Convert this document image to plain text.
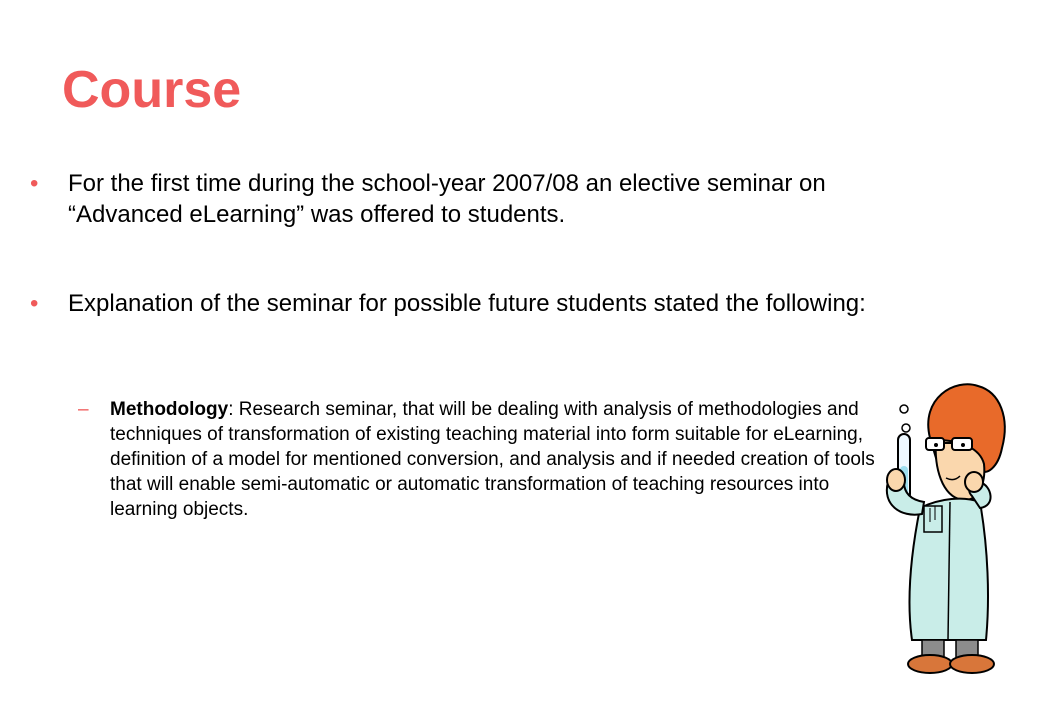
Course
• For the first time during the school-year 2007/08 an elective seminar on “Advanced eLearning” was offered to students.
• Explanation of the seminar for possible future students stated the following:
– Methodology: Research seminar, that will be dealing with analysis of methodologies and techniques of transformation of existing teaching material into form suitable for eLearning, definition of a model for mentioned conversion, and analysis and if needed creation of tools that will enable semi-automatic or automatic transformation of teaching resources into learning objects.
